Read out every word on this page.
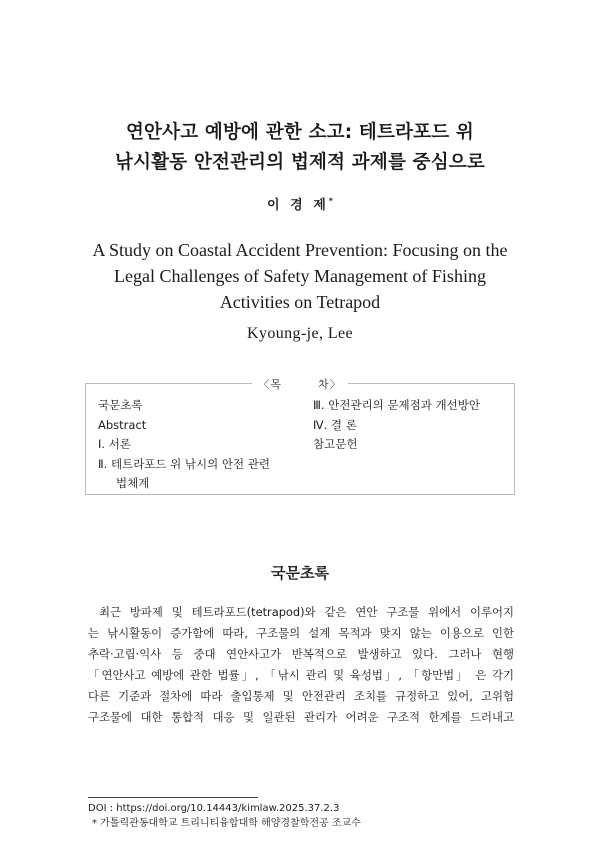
연안사고 예방에 관한 소고: 테트라포드 위
낚시활동 안전관리의 법제적 과제를 중심으로
이 경 제*
A Study on Coastal Accident Prevention: Focusing on the
Legal Challenges of Safety Management of Fishing
Activities on Tetrapod
Kyoung-je, Lee
〈목　　　차〉
국문초록
Abstract
Ⅰ. 서론
Ⅱ. 테트라포드 위 낚시의 안전 관련
법체계
Ⅲ. 안전관리의 문제점과 개선방안
Ⅳ. 결 론
참고문헌
국문초록
최근 방파제 및 테트라포드(tetrapod)와 같은 연안 구조물 위에서 이루어지
는 낚시활동이 증가함에 따라, 구조물의 설계 목적과 맞지 않는 이용으로 인한
추락·고립·익사 등 중대 연안사고가 반복적으로 발생하고 있다. 그러나 현행
「연안사고 예방에 관한 법률」, 「낚시 관리 및 육성법」, 「항만법」 은 각기
다른 기준과 절차에 따라 출입통제 및 안전관리 조치를 규정하고 있어, 고위험
구조물에 대한 통합적 대응 및 일관된 관리가 어려운 구조적 한계를 드러내고
DOI : https://doi.org/10.14443/kimlaw.2025.37.2.3
* 가톨릭관동대학교 트리니티융합대학 해양경찰학전공 조교수
